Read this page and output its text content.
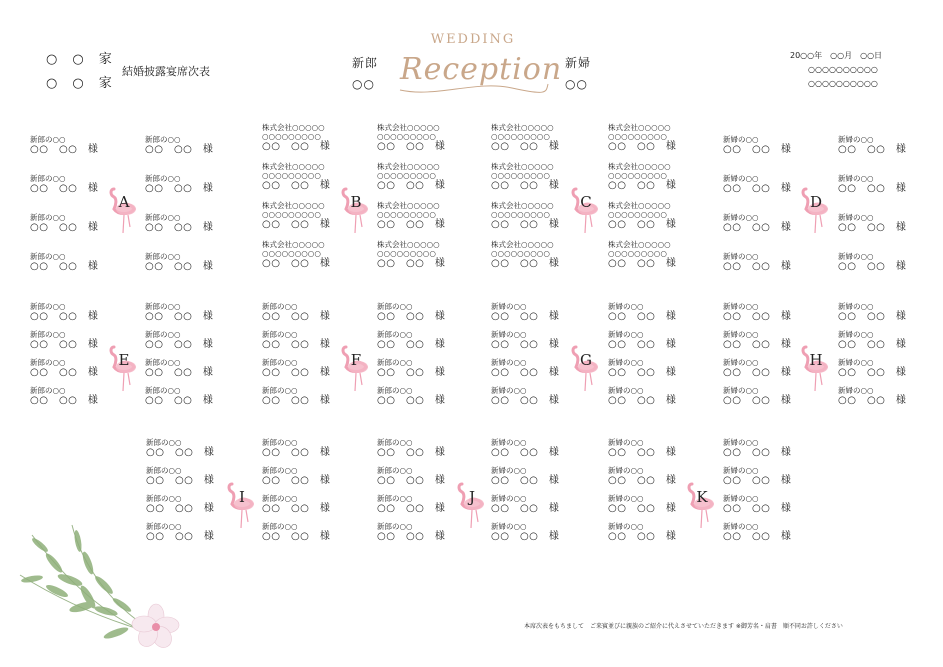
○　○　 家
○　○　 家
結婚披露宴席次表
新郎
○○
新婦
○○
WEDDING
Reception	20○○年　○○月　○○日
○○○○○○○○○○
○○○○○○○○○○
新郎の○○
○○　○○　 様
新郎の○○
○○　○○　 様
新郎の○○
○○　○○　 様
新郎の○○
○○　○○　 様
新郎の○○
○○　○○　 様
新郎の○○
○○　○○　 様
新郎の○○
○○　○○　 様
新郎の○○
○○　○○　 様
A
株式会社○○○○○
○○○○○○○○○
○○　○○　 様
株式会社○○○○○
○○○○○○○○○
○○　○○　 様
株式会社○○○○○
○○○○○○○○○
○○　○○　 様
株式会社○○○○○
○○○○○○○○○
○○　○○　 様
株式会社○○○○○
○○○○○○○○○
○○　○○　 様
株式会社○○○○○
○○○○○○○○○
○○　○○　 様
株式会社○○○○○
○○○○○○○○○
○○　○○　 様
株式会社○○○○○
○○○○○○○○○
○○　○○　 様
B
株式会社○○○○○
○○○○○○○○○
○○　○○　 様
株式会社○○○○○
○○○○○○○○○
○○　○○　 様
株式会社○○○○○
○○○○○○○○○
○○　○○　 様
株式会社○○○○○
○○○○○○○○○
○○　○○　 様
株式会社○○○○○
○○○○○○○○○
○○　○○　 様
株式会社○○○○○
○○○○○○○○○
○○　○○　 様
株式会社○○○○○
○○○○○○○○○
○○　○○　 様
株式会社○○○○○
○○○○○○○○○
○○　○○　 様
C
新婦の○○
○○　○○　 様
新婦の○○
○○　○○　 様
新婦の○○
○○　○○　 様
新婦の○○
○○　○○　 様
新婦の○○
○○　○○　 様
新婦の○○
○○　○○　 様
新婦の○○
○○　○○　 様
新婦の○○
○○　○○　 様
D
新郎の○○
○○　○○　 様
新郎の○○
○○　○○　 様
新郎の○○
○○　○○　 様
新郎の○○
○○　○○　 様
新郎の○○
○○　○○　 様
新郎の○○
○○　○○　 様
新郎の○○
○○　○○　 様
新郎の○○
○○　○○　 様
E
新郎の○○
○○　○○　 様
新郎の○○
○○　○○　 様
新郎の○○
○○　○○　 様
新郎の○○
○○　○○　 様
新郎の○○
○○　○○　 様
新郎の○○
○○　○○　 様
新郎の○○
○○　○○　 様
新郎の○○
○○　○○　 様
F
新婦の○○
○○　○○　 様
新婦の○○
○○　○○　 様
新婦の○○
○○　○○　 様
新婦の○○
○○　○○　 様
新婦の○○
○○　○○　 様
新婦の○○
○○　○○　 様
新婦の○○
○○　○○　 様
新婦の○○
○○　○○　 様
G
新婦の○○
○○　○○　 様
新婦の○○
○○　○○　 様
新婦の○○
○○　○○　 様
新婦の○○
○○　○○　 様
新婦の○○
○○　○○　 様
新婦の○○
○○　○○　 様
新婦の○○
○○　○○　 様
新婦の○○
○○　○○　 様
H
新郎の○○
○○　○○　 様
新郎の○○
○○　○○　 様
新郎の○○
○○　○○　 様
新郎の○○
○○　○○　 様
新郎の○○
○○　○○　 様
新郎の○○
○○　○○　 様
新郎の○○
○○　○○　 様
新郎の○○
○○　○○　 様
I
新郎の○○
○○　○○　 様
新婦の○○
○○　○○　 様
新郎の○○
○○　○○　 様
新婦の○○
○○　○○　 様
新郎の○○
○○　○○　 様
新婦の○○
○○　○○　 様
新郎の○○
○○　○○　 様
新婦の○○
○○　○○　 様
J
新婦の○○
○○　○○　 様
新婦の○○
○○　○○　 様
新婦の○○
○○　○○　 様
新婦の○○
○○　○○　 様
新婦の○○
○○　○○　 様
新婦の○○
○○　○○　 様
新婦の○○
○○　○○　 様
新婦の○○
○○　○○　 様
K
本席次表をもちまして　ご来賓並びに親族のご紹介に代えさせていただきます ※御芳名・肩書　順不同お許しください
